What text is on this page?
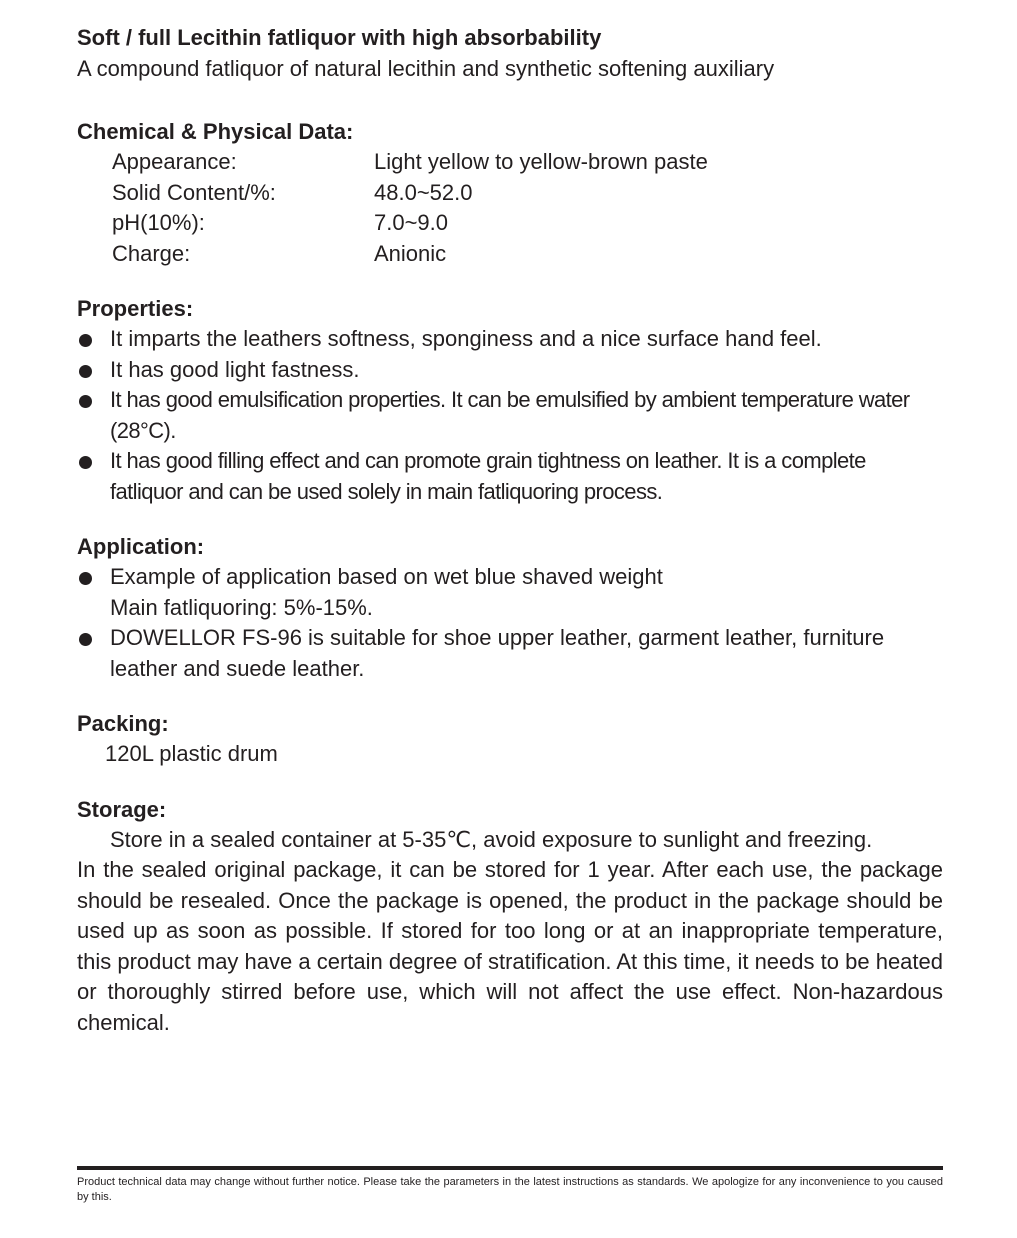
Soft / full Lecithin fatliquor with high absorbability

A compound fatliquor of natural lecithin and synthetic softening auxiliary

Chemical & Physical Data:
Appearance:	Light yellow to yellow-brown paste
Solid Content/%:	48.0~52.0
pH(10%):	7.0~9.0
Charge:	Anionic
Properties:
It imparts the leathers softness, sponginess and a nice surface hand feel.
It has good light fastness.
It has good emulsification properties. It can be emulsified by ambient temperature water (28°C).
It has good filling effect and can promote grain tightness on leather. It is a complete fatliquor and can be used solely in main fatliquoring process.
Application:
Example of application based on wet blue shaved weight
Main fatliquoring: 5%-15%.
DOWELLOR FS-96 is suitable for shoe upper leather, garment leather, furniture leather and suede leather.
Packing:

120L plastic drum

Storage:

Store in a sealed container at 5-35℃, avoid exposure to sunlight and freezing.

In the sealed original package, it can be stored for 1 year. After each use, the package should be resealed. Once the package is opened, the product in the package should be used up as soon as possible. If stored for too long or at an inappropriate temperature, this product may have a certain degree of stratification. At this time, it needs to be heated or thoroughly stirred before use, which will not affect the use effect. Non-hazardous chemical.

Product technical data may change without further notice. Please take the parameters in the latest instructions as standards. We apologize for any inconvenience to you caused by this.
